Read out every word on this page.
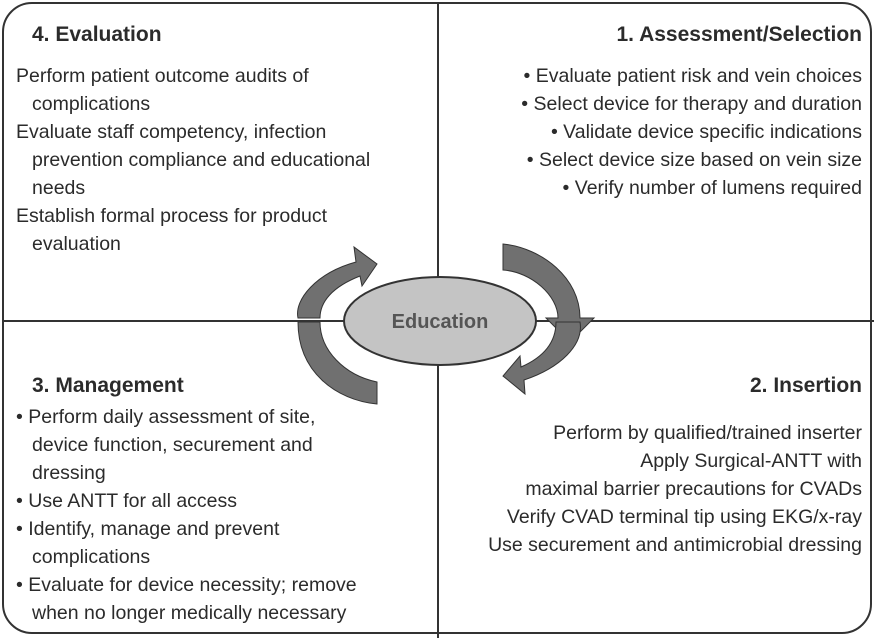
4. Evaluation
Perform patient outcome audits of
complications
Evaluate staff competency, infection
prevention compliance and educational
needs
Establish formal process for product
evaluation
1. Assessment/Selection
• Evaluate patient risk and vein choices
• Select device for therapy and duration
• Validate device specific indications
• Select device size based on vein size
• Verify number of lumens required
3. Management
• Perform daily assessment of site,
device function, securement and
dressing
• Use ANTT for all access
• Identify, manage and prevent
complications
• Evaluate for device necessity; remove
when no longer medically necessary
2. Insertion
Perform by qualified/trained inserter
Apply Surgical-ANTT with
maximal barrier precautions for CVADs
Verify CVAD terminal tip using EKG/x-ray
Use securement and antimicrobial dressing
Education
